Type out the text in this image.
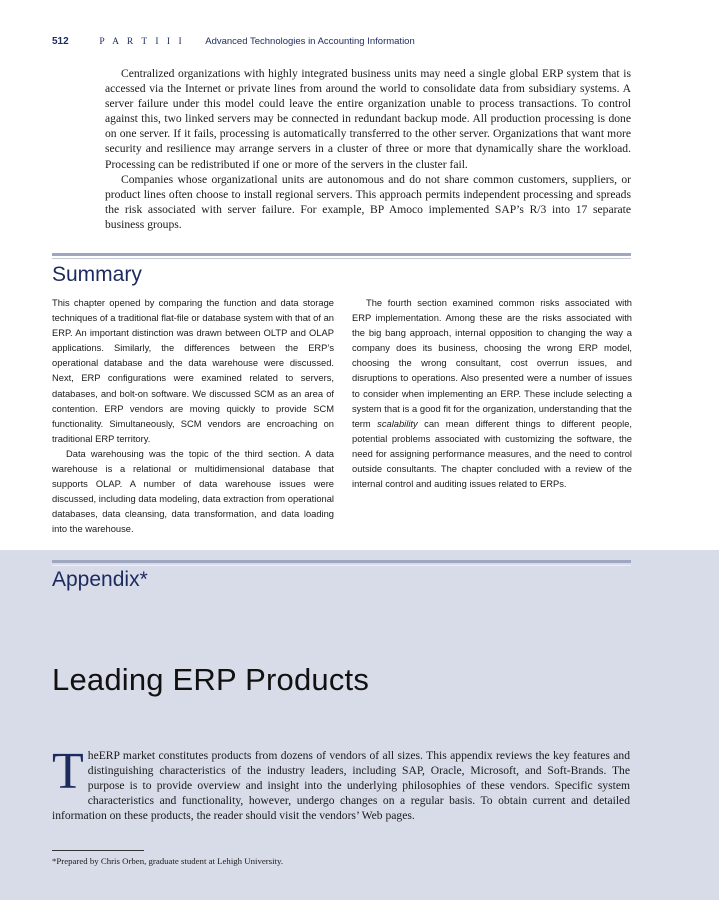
512	P A R T I I I Advanced Technologies in Accounting Information

Centralized organizations with highly integrated business units may need a single global ERP system that is accessed via the Internet or private lines from around the world to consolidate data from subsidiary systems. A server failure under this model could leave the entire organization unable to process transactions. To control against this, two linked servers may be connected in redundant backup mode. All production processing is done on one server. If it fails, processing is automatically transferred to the other server. Organizations that want more security and resilience may arrange servers in a cluster of three or more that dynamically share the workload. Processing can be redistributed if one or more of the servers in the cluster fail.

Companies whose organizational units are autonomous and do not share common customers, suppliers, or product lines often choose to install regional servers. This approach permits independent processing and spreads the risk associated with server failure. For example, BP Amoco implemented SAP’s R/3 into 17 separate business groups.

Summary

This chapter opened by comparing the function and data storage techniques of a traditional flat-file or database system with that of an ERP. An important distinction was drawn between OLTP and OLAP applications. Similarly, the differences between the ERP’s operational database and the data warehouse were discussed. Next, ERP configurations were examined related to servers, databases, and bolt-on software. We discussed SCM as an area of contention. ERP vendors are moving quickly to provide SCM functionality. Simultaneously, SCM vendors are encroaching on traditional ERP territory.

Data warehousing was the topic of the third section. A data warehouse is a relational or multidimensional database that supports OLAP. A number of data warehouse issues were discussed, including data modeling, data extraction from operational databases, data cleansing, data transformation, and data loading into the warehouse.

The fourth section examined common risks associated with ERP implementation. Among these are the risks associated with the big bang approach, internal opposition to changing the way a company does its business, choosing the wrong ERP model, choosing the wrong consultant, cost overrun issues, and disruptions to operations. Also presented were a number of issues to consider when implementing an ERP. These include selecting a system that is a good fit for the organization, understanding that the term scalability can mean different things to different people, potential problems associated with customizing the software, the need for assigning performance measures, and the need to control outside consultants. The chapter concluded with a review of the internal control and auditing issues related to ERPs.

Appendix*
Leading ERP Products
TheERP market constitutes products from dozens of vendors of all sizes. This appendix reviews the key features and distinguishing characteristics of the industry leaders, including SAP, Oracle, Microsoft, and Soft-Brands. The purpose is to provide overview and insight into the underlying philosophies of these vendors. Specific system characteristics and functionality, however, undergo changes on a regular basis. To obtain current and detailed information on these products, the reader should visit the vendors’ Web pages.
*Prepared by Chris Orben, graduate student at Lehigh University.
